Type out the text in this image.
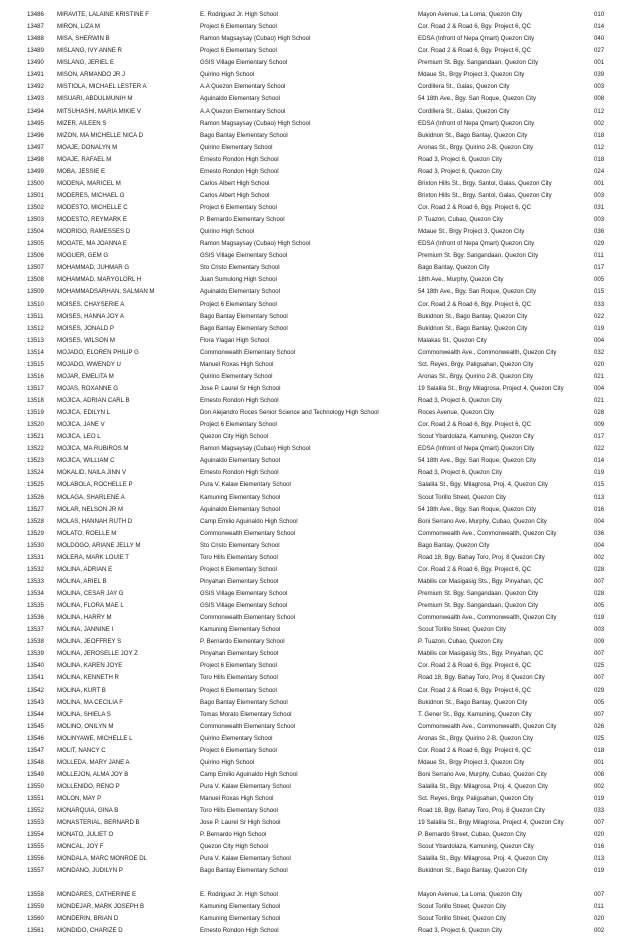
13486	MIRAVITE, LALAINE KRISTINE F	E. Rodriguez Jr. High School	Mayon Avenue, La Loma, Quezon City	010
13487	MIRON, LIZA M	Project 6 Elementary School	Cor. Road 2 & Road 6, Bgy. Project 6, QC	014
13488	MISA, SHERWIN B	Ramon Magsaysay (Cubao) High School	EDSA (Infront of Nepa Qmart) Quezon City	040
13489	MISLANG, IVY ANNE R	Project 6 Elementary School	Cor. Road 2 & Road 6, Bgy. Project 6, QC	027
13490	MISLANG, JERIEL E	GSIS Village Elementary School	Premium St. Bgy. Sangandaan, Quezon City	001
13491	MISON, ARMANDO JR J	Quirino High School	Mdaue St., Brgy Project 3, Quezon City	039
13492	MISTIOLA, MICHAEL LESTER A	A.A Quezon Elementary School	Cordillera St., Galas, Quezon City	003
13493	MISUARI, ABDULMUNIH M	Aguinaldo Elementary School	54 18th Ave., Bgy. San Roque, Quezon City	008
13494	MITSUHASHI, MARIA MIKIE V	A.A Quezon Elementary School	Cordillera St., Galas, Quezon City	012
13495	MIZER, AILEEN S	Ramon Magsaysay (Cubao) High School	EDSA (Infront of Nepa Qmart) Quezon City	002
13496	MIZON, MA MICHELLE NICA D	Bago Bantay Elementary School	Bukidnon St., Bago Bantay, Quezon City	018
13497	MOAJE, DONALYN M	Quirino Elementary School	Aronas St., Brgy. Quirino 2-B, Quezon City	012
13498	MOAJE, RAFAEL M	Ernesto Rondon High School	Road 3, Project 6, Quezon City	018
13499	MOBA, JESSIE E	Ernesto Rondon High School	Road 3, Project 6, Quezon City	024
13500	MODENA, MARICEL M	Carlos Albert High School	Brixton Hills St., Brgy. Santol, Galas, Quezon City	001
13501	MODERES, MICHAEL G	Carlos Albert High School	Brixton Hills St., Brgy. Santol, Galas, Quezon City	003
13502	MODESTO, MICHELLE C	Project 6 Elementary School	Cor. Road 2 & Road 6, Bgy. Project 6, QC	031
13503	MODESTO, REYMARK E	P. Bernardo Elementary School	P. Tuazon, Cubao, Quezon City	003
13504	MODRIGO, RAMESSES D	Quirino High School	Mdaue St., Brgy Project 3, Quezon City	036
13505	MOGATE, MA JOANNA E	Ramon Magsaysay (Cubao) High School	EDSA (Infront of Nepa Qmart) Quezon City	029
13506	MOGUER, GEM G	GSIS Village Elementary School	Premium St. Bgy. Sangandaan, Quezon City	011
13507	MOHAMMAD, JUHMAR G	Sto Cristo Elementary School	Bago Bantay, Quezon City	017
13508	MOHAMMAD, MARYGLORL H	Juan Sumulong High School	18th Ave., Murphy, Quezon City	005
13509	MOHAMMADSARHAN, SALMAN M	Aguinaldo Elementary School	54 18th Ave., Bgy. San Roque, Quezon City	015
13510	MOISES, CHAYSERIE A	Project 6 Elementary School	Cor. Road 2 & Road 6, Bgy. Project 6, QC	033
13511	MOISES, HANNA JOY A	Bago Bantay Elementary School	Bukidnon St., Bago Bantay, Quezon City	022
13512	MOISES, JONALD P	Bago Bantay Elementary School	Bukidnon St., Bago Bantay, Quezon City	019
13513	MOISES, WILSON M	Flora Ylagan High School	Malakas St., Quezon City	004
13514	MOJADO, ELOREN PHILIP G	Commonwealth Elementary School	Commonwealth Ave., Commonwealth, Quezon City	032
13515	MOJADO, WWENDY U	Manuel Roxas High School	Sct. Reyes, Brgy. Paligsahan, Quezon City	020
13516	MOJAR, EMELITA M	Quirino Elementary School	Aronas St., Brgy. Quirino 2-B, Quezon City	021
13517	MOJAS, ROXANNE G	Jose P. Laurel Sr High School	19 Salalila St., Brgy Milagrosa, Project 4, Quezon City	004
13518	MOJICA, ADRIAN CARL B	Ernesto Rondon High School	Road 3, Project 6, Quezon City	021
13519	MOJICA, EDILYN L	Don Alejandro Roces Senior Science and Technology High School	Roces Avenue, Quezon City	028
13520	MOJICA, JANE V	Project 6 Elementary School	Cor. Road 2 & Road 6, Bgy. Project 6, QC	009
13521	MOJICA, LEO L	Quezon City High School	Scout Ybardolaza, Kamuning, Quezon City	017
13522	MOJICA, MA RUBIROS M	Ramon Magsaysay (Cubao) High School	EDSA (Infront of Nepa Qmart) Quezon City	022
13523	MOJICA, WILLIAM C	Aguinaldo Elementary School	54 18th Ave., Bgy. San Roque, Quezon City	014
13524	MOKALID, NAILA JINN V	Ernesto Rondon High School	Road 3, Project 6, Quezon City	019
13525	MOLABOLA, ROCHELLE P	Pura V. Kalaw Elementary School	Salalila St., Bgy. Milagrosa, Proj. 4, Quezon City	015
13526	MOLAGA, SHARLENE A	Kamuning Elementary School	Scout Torillo Street, Quezon City	013
13527	MOLAR, NELSON JR M	Aguinaldo Elementary School	54 18th Ave., Bgy. San Roque, Quezon City	016
13528	MOLAS, HANNAH RUTH D	Camp Emilio Aguinaldo High School	Boni Serrano Ave, Murphy, Cubao, Quezon City	004
13529	MOLATO, ROELLE M	Commonwealth Elementary School	Commonwealth Ave., Commonwealth, Quezon City	036
13530	MOLDOGO, ARIANE JELLY M	Sto Cristo Elementary School	Bago Bantay, Quezon City	004
13531	MOLERA, MARK LOUIE T	Toro Hills Elementary School	Road 18, Bgy. Bahay Toro, Proj. 8 Quezon City	002
13532	MOLINA, ADRIAN E	Project 6 Elementary School	Cor. Road 2 & Road 6, Bgy. Project 6, QC	028
13533	MOLINA, ARIEL B	Pinyahan Elementary School	Mabilis cor Masigasig Sts., Bgy. Pinyahan, QC	007
13534	MOLINA, CESAR JAY G	GSIS Village Elementary School	Premium St. Bgy. Sangandaan, Quezon City	028
13535	MOLINA, FLORA MAE L	GSIS Village Elementary School	Premium St. Bgy. Sangandaan, Quezon City	005
13536	MOLINA, HARRY M	Commonwealth Elementary School	Commonwealth Ave., Commonwealth, Quezon City	019
13537	MOLINA, JANNINE I	Kamuning Elementary School	Scout Torillo Street, Quezon City	003
13538	MOLINA, JEOFFREY S	P. Bernardo Elementary School	P. Tuazon, Cubao, Quezon City	009
13539	MOLINA, JEROSELLE JOY Z	Pinyahan Elementary School	Mabilis cor Masigasig Sts., Bgy. Pinyahan, QC	007
13540	MOLINA, KAREN JOYE	Project 6 Elementary School	Cor. Road 2 & Road 6, Bgy. Project 6, QC	025
13541	MOLINA, KENNETH R	Toro Hills Elementary School	Road 18, Bgy. Bahay Toro, Proj. 8 Quezon City	007
13542	MOLINA, KURT B	Project 6 Elementary School	Cor. Road 2 & Road 6, Bgy. Project 6, QC	029
13543	MOLINA, MA CECILIA F	Bago Bantay Elementary School	Bukidnon St., Bago Bantay, Quezon City	005
13544	MOLINA, SHIELA S	Tomas Morato Elementary School	T. Gener St., Bgy. Kamuning, Quezon City	007
13545	MOLINO, ONILYN M	Commonwealth Elementary School	Commonwealth Ave., Commonwealth, Quezon City	026
13546	MOLINYAWE, MICHELLE L	Quirino Elementary School	Aronas St., Brgy. Quirino 2-B, Quezon City	025
13547	MOLIT, NANCY C	Project 6 Elementary School	Cor. Road 2 & Road 6, Bgy. Project 6, QC	018
13548	MOLLEDA, MARY JANE A	Quirino High School	Mdaue St., Brgy Project 3, Quezon City	001
13549	MOLLEJON, ALMA JOY B	Camp Emilio Aguinaldo High School	Boni Serrano Ave, Murphy, Cubao, Quezon City	008
13550	MOLLENIDO, RENO P	Pura V. Kalaw Elementary School	Salalila St., Bgy. Milagrosa, Proj. 4, Quezon City	002
13551	MOLON, MAY P	Manuel Roxas High School	Sct. Reyes, Brgy. Paligsahan, Quezon City	019
13552	MONARQUIA, GINA B	Toro Hills Elementary School	Road 18, Bgy. Bahay Toro, Proj. 8 Quezon City	033
13553	MONASTERIAL, BERNARD B	Jose P. Laurel Sr High School	19 Salalila St., Brgy Milagrosa, Project 4, Quezon City	007
13554	MONATO, JULIET O	P. Bernardo High School	P. Bernardo Street, Cubao, Quezon City	020
13555	MONCAL, JOY F	Quezon City High School	Scout Ybardolaza, Kamuning, Quezon City	016
13556	MONDALA, MARC MONROE DL	Pura V. Kalaw Elementary School	Salalila St., Bgy. Milagrosa, Proj. 4, Quezon City	013
13557	MONDANO, JUDILYN P	Bago Bantay Elementary School	Bukidnon St., Bago Bantay, Quezon City	019
13558	MONDARES, CATHERINE E	E. Rodriguez Jr. High School	Mayon Avenue, La Loma, Quezon City	007
13559	MONDEJAR, MARK JOSEPH B	Kamuning Elementary School	Scout Torillo Street, Quezon City	011
13560	MONDERIN, BRIAN D	Kamuning Elementary School	Scout Torillo Street, Quezon City	020
13561	MONDIDO, CHARIZE D	Ernesto Rondon High School	Road 3, Project 6, Quezon City	002
